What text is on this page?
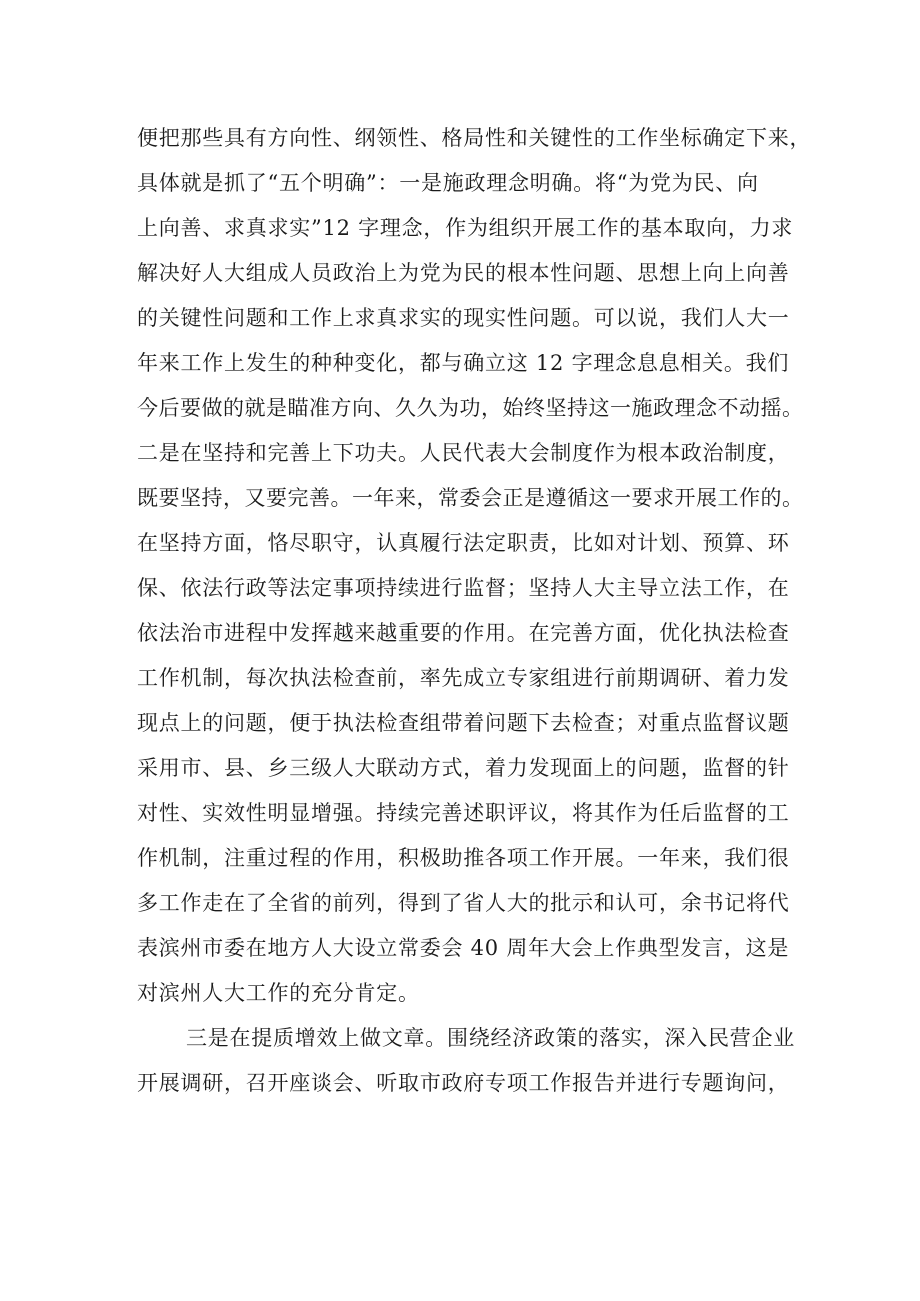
便把那些具有方向性、纲领性、格局性和关键性的工作坐标确定下来，

具体就是抓了“五个明确”：一是施政理念明确。将“为党为民、向

上向善、求真求实”12 字理念，作为组织开展工作的基本取向，力求

解决好人大组成人员政治上为党为民的根本性问题、思想上向上向善

的关键性问题和工作上求真求实的现实性问题。可以说，我们人大一

年来工作上发生的种种变化，都与确立这 12 字理念息息相关。我们

今后要做的就是瞄准方向、久久为功，始终坚持这一施政理念不动摇。

二是在坚持和完善上下功夫。人民代表大会制度作为根本政治制度，

既要坚持，又要完善。一年来，常委会正是遵循这一要求开展工作的。

在坚持方面，恪尽职守，认真履行法定职责，比如对计划、预算、环

保、依法行政等法定事项持续进行监督；坚持人大主导立法工作，在

依法治市进程中发挥越来越重要的作用。在完善方面，优化执法检查

工作机制，每次执法检查前，率先成立专家组进行前期调研、着力发

现点上的问题，便于执法检查组带着问题下去检查；对重点监督议题

采用市、县、乡三级人大联动方式，着力发现面上的问题，监督的针

对性、实效性明显增强。持续完善述职评议，将其作为任后监督的工

作机制，注重过程的作用，积极助推各项工作开展。一年来，我们很

多工作走在了全省的前列，得到了省人大的批示和认可，余书记将代

表滨州市委在地方人大设立常委会 40 周年大会上作典型发言，这是

对滨州人大工作的充分肯定。

三是在提质增效上做文章。围绕经济政策的落实，深入民营企业

开展调研，召开座谈会、听取市政府专项工作报告并进行专题询问，
